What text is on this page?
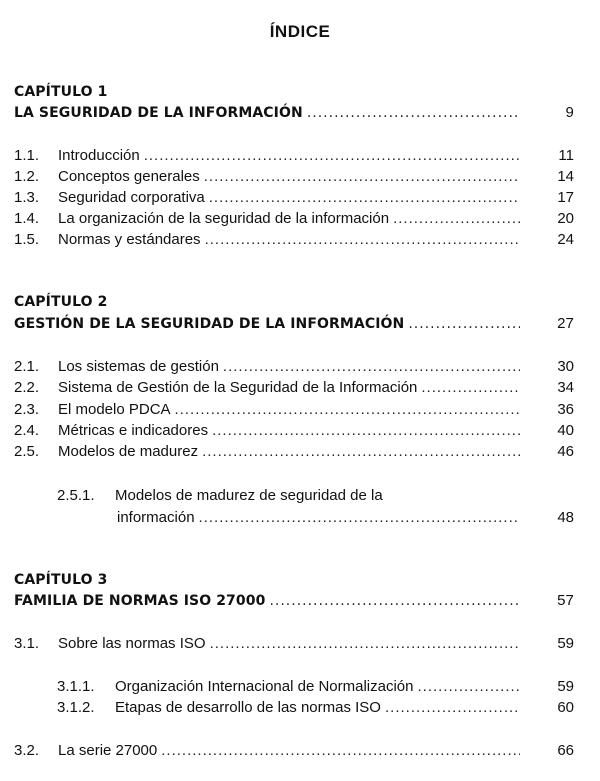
ÍNDICE
CAPÍTULO 1
LA SEGURIDAD DE LA INFORMACIÓN .....	9
1.1.	Introducción .....	11
1.2.	Conceptos generales .....	14
1.3.	Seguridad corporativa .....	17
1.4.	La organización de la seguridad de la información .....	20
1.5.	Normas y estándares .....	24
CAPÍTULO 2
GESTIÓN DE LA SEGURIDAD DE LA INFORMACIÓN .....	27
2.1.	Los sistemas de gestión .....	30
2.2.	Sistema de Gestión de la Seguridad de la Información .....	34
2.3.	El modelo PDCA .....	36
2.4.	Métricas e indicadores .....	40
2.5.	Modelos de madurez .....	46
2.5.1. Modelos de madurez de seguridad de la
información .....	48
CAPÍTULO 3
FAMILIA DE NORMAS ISO 27000 .....	57
3.1.	Sobre las normas ISO .....	59
3.1.1.	Organización Internacional de Normalización .....	59
3.1.2.	Etapas de desarrollo de las normas ISO .....	60
3.2.	La serie 27000 .....	66
